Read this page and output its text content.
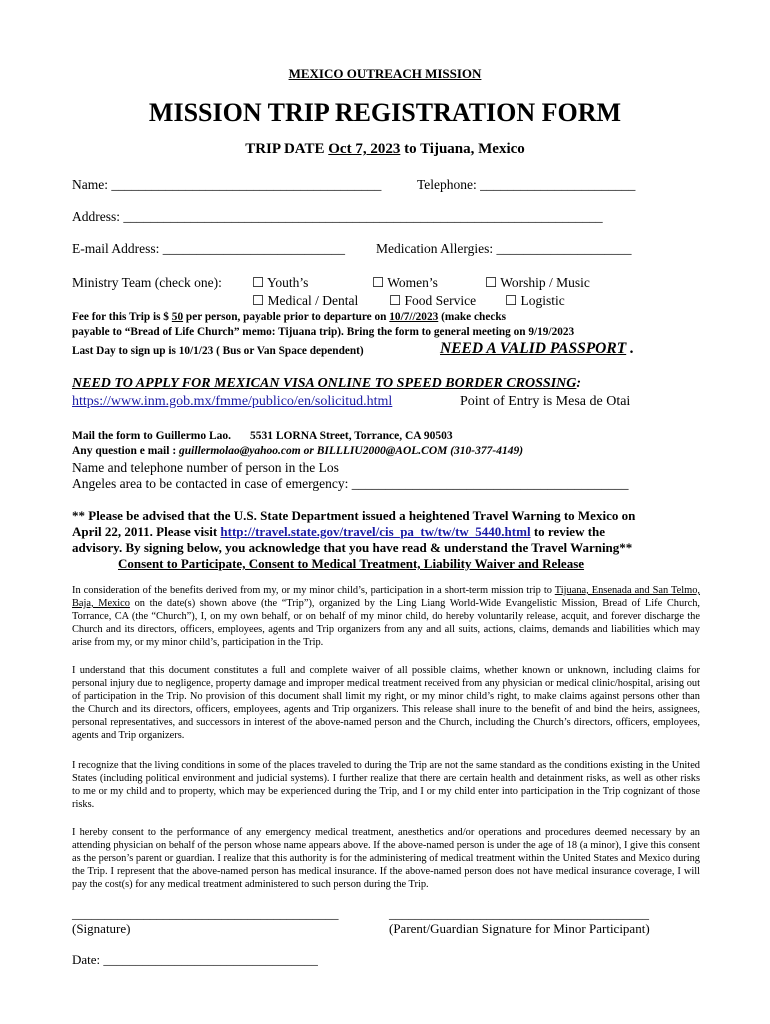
MEXICO OUTREACH MISSION
MISSION TRIP REGISTRATION FORM
TRIP DATE Oct 7, 2023 to Tijuana, Mexico
Name: ________________________________________	Telephone: _______________________
Address: _______________________________________________________________________
E-mail Address: ___________________________ Medication Allergies: ____________________
Ministry Team (check one): ☐ Youth’s	☐ Women’s	☐ Worship / Music
☐ Medical / Dental ☐ Food Service ☐ Logistic
Fee for this Trip is $ 50 per person, payable prior to departure on 10/7//2023 (make checks
payable to “Bread of Life Church” memo: Tijuana trip). Bring the form to general meeting on 9/19/2023
Last Day to sign up is 10/1/23 ( Bus or Van Space dependent)	NEED A VALID PASSPORT .
NEED TO APPLY FOR MEXICAN VISA ONLINE TO SPEED BORDER CROSSING:
https://www.inm.gob.mx/fmme/publico/en/solicitud.html	Point of Entry is Mesa de Otai
Mail the form to Guillermo Lao. 5531 LORNA Street, Torrance, CA 90503
Any question e mail : guillermolao@yahoo.com or BILLLIU2000@AOL.COM (310-377-4149)
Name and telephone number of person in the Los
Angeles area to be contacted in case of emergency: _________________________________________
** Please be advised that the U.S. State Department issued a heightened Travel Warning to Mexico on
April 22, 2011. Please visit http://travel.state.gov/travel/cis_pa_tw/tw/tw_5440.html to review the
advisory. By signing below, you acknowledge that you have read & understand the Travel Warning**
Consent to Participate, Consent to Medical Treatment, Liability Waiver and Release
In consideration of the benefits derived from my, or my minor child’s, participation in a short-term mission trip to Tijuana, Ensenada and San Telmo, Baja, Mexico on the date(s) shown above (the “Trip”), organized by the Ling Liang World-Wide Evangelistic Mission, Bread of Life Church, Torrance, CA (the “Church”), I, on my own behalf, or on behalf of my minor child, do hereby voluntarily release, acquit, and forever discharge the Church and its directors, officers, employees, agents and Trip organizers from any and all suits, actions, claims, demands and liabilities which may arise from my, or my minor child’s, participation in the Trip.
I understand that this document constitutes a full and complete waiver of all possible claims, whether known or unknown, including claims for personal injury due to negligence, property damage and improper medical treatment received from any physician or medical clinic/hospital, arising out of participation in the Trip. No provision of this document shall limit my right, or my minor child’s right, to make claims against persons other than the Church and its directors, officers, employees, agents and Trip organizers. This release shall inure to the benefit of and bind the heirs, assignees, personal representatives, and successors in interest of the above-named person and the Church, including the Church’s directors, officers, employees, agents and Trip organizers.
I recognize that the living conditions in some of the places traveled to during the Trip are not the same standard as the conditions existing in the United States (including political environment and judicial systems). I further realize that there are certain health and detainment risks, as well as other risks to me or my child and to property, which may be experienced during the Trip, and I or my child enter into participation in the Trip cognizant of those risks.
I hereby consent to the performance of any emergency medical treatment, anesthetics and/or operations and procedures deemed necessary by an attending physician on behalf of the person whose name appears above. If the above-named person is under the age of 18 (a minor), I give this consent as the person’s parent or guardian. I realize that this authority is for the administering of medical treatment within the United States and Mexico during the Trip. I represent that the above-named person has medical insurance. If the above-named person does not have medical insurance coverage, I will pay the cost(s) for any medical treatment administered to such person during the Trip.
_________________________________________
(Signature)
________________________________________
(Parent/Guardian Signature for Minor Participant)
Date: _________________________________
